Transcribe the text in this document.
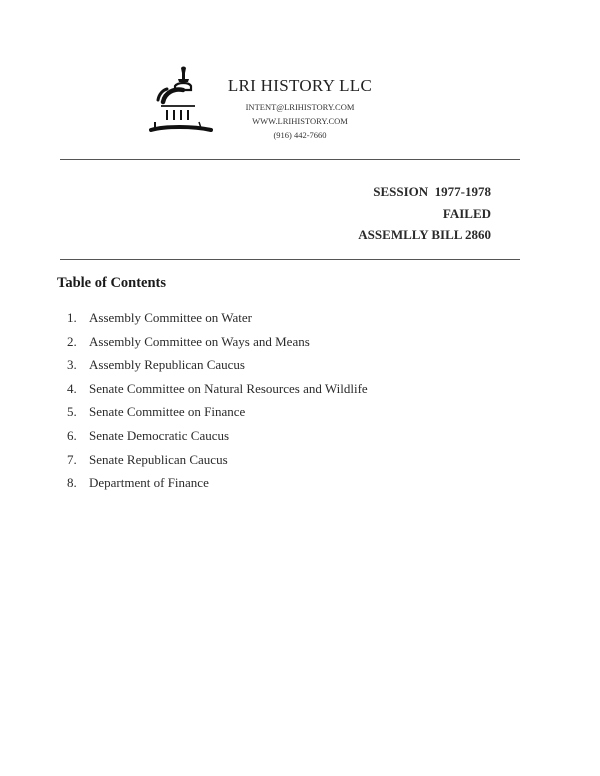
LRI HISTORY LLC
INTENT@LRIHISTORY.COM
WWW.LRIHISTORY.COM
(916) 442-7660
SESSION  1977-1978
FAILED
ASSEMLLY BILL 2860
Table of Contents
1. Assembly Committee on Water
2. Assembly Committee on Ways and Means
3. Assembly Republican Caucus
4. Senate Committee on Natural Resources and Wildlife
5. Senate Committee on Finance
6. Senate Democratic Caucus
7. Senate Republican Caucus
8. Department of Finance
